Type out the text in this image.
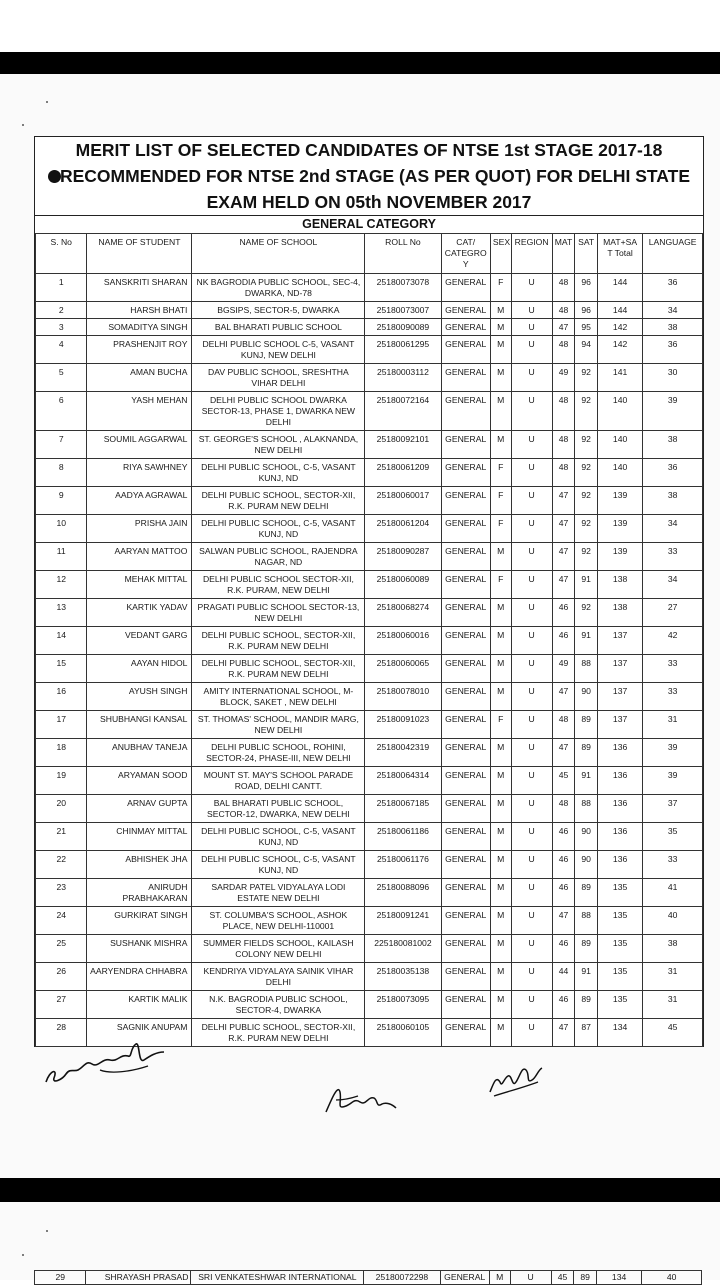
MERIT LIST OF SELECTED CANDIDATES OF NTSE 1st STAGE 2017-18
RECOMMENDED FOR NTSE 2nd STAGE (AS PER QUOT) FOR DELHI STATE
EXAM HELD ON 05th NOVEMBER 2017
GENERAL CATEGORY
S. No	NAME OF STUDENT	NAME OF SCHOOL	ROLL No	CAT/ CATEGRO Y	SEX	REGION	MAT	SAT	MAT+SA T Total	LANGUAGE
1	SANSKRITI SHARAN	NK BAGRODIA PUBLIC SCHOOL, SEC-4, DWARKA, ND-78	25180073078	GENERAL	F	U	48	96	144	36
2	HARSH BHATI	BGSIPS, SECTOR-5, DWARKA	25180073007	GENERAL	M	U	48	96	144	34
3	SOMADITYA SINGH	BAL BHARATI PUBLIC SCHOOL	25180090089	GENERAL	M	U	47	95	142	38
4	PRASHENJIT ROY	DELHI PUBLIC SCHOOL C-5, VASANT KUNJ, NEW DELHI	25180061295	GENERAL	M	U	48	94	142	36
5	AMAN BUCHA	DAV PUBLIC SCHOOL, SRESHTHA VIHAR DELHI	25180003112	GENERAL	M	U	49	92	141	30
6	YASH MEHAN	DELHI PUBLIC SCHOOL DWARKA SECTOR-13, PHASE 1, DWARKA NEW DELHI	25180072164	GENERAL	M	U	48	92	140	39
7	SOUMIL AGGARWAL	ST. GEORGE'S SCHOOL , ALAKNANDA, NEW DELHI	25180092101	GENERAL	M	U	48	92	140	38
8	RIYA SAWHNEY	DELHI PUBLIC SCHOOL, C-5, VASANT KUNJ, ND	25180061209	GENERAL	F	U	48	92	140	36
9	AADYA AGRAWAL	DELHI PUBLIC SCHOOL, SECTOR-XII, R.K. PURAM NEW DELHI	25180060017	GENERAL	F	U	47	92	139	38
10	PRISHA JAIN	DELHI PUBLIC SCHOOL, C-5, VASANT KUNJ, ND	25180061204	GENERAL	F	U	47	92	139	34
11	AARYAN MATTOO	SALWAN PUBLIC SCHOOL, RAJENDRA NAGAR, ND	25180090287	GENERAL	M	U	47	92	139	33
12	MEHAK MITTAL	DELHI PUBLIC SCHOOL SECTOR-XII, R.K. PURAM, NEW DELHI	25180060089	GENERAL	F	U	47	91	138	34
13	KARTIK YADAV	PRAGATI PUBLIC SCHOOL SECTOR-13, NEW DELHI	25180068274	GENERAL	M	U	46	92	138	27
14	VEDANT GARG	DELHI PUBLIC SCHOOL, SECTOR-XII, R.K. PURAM NEW DELHI	25180060016	GENERAL	M	U	46	91	137	42
15	AAYAN HIDOL	DELHI PUBLIC SCHOOL, SECTOR-XII, R.K. PURAM NEW DELHI	25180060065	GENERAL	M	U	49	88	137	33
16	AYUSH SINGH	AMITY INTERNATIONAL SCHOOL, M-BLOCK, SAKET , NEW DELHI	25180078010	GENERAL	M	U	47	90	137	33
17	SHUBHANGI KANSAL	ST. THOMAS' SCHOOL, MANDIR MARG, NEW DELHI	25180091023	GENERAL	F	U	48	89	137	31
18	ANUBHAV TANEJA	DELHI PUBLIC SCHOOL, ROHINI, SECTOR-24, PHASE-III, NEW DELHI	25180042319	GENERAL	M	U	47	89	136	39
19	ARYAMAN SOOD	MOUNT ST. MAY'S SCHOOL PARADE ROAD, DELHI CANTT.	25180064314	GENERAL	M	U	45	91	136	39
20	ARNAV GUPTA	BAL BHARATI PUBLIC SCHOOL, SECTOR-12, DWARKA, NEW DELHI	25180067185	GENERAL	M	U	48	88	136	37
21	CHINMAY MITTAL	DELHI PUBLIC SCHOOL, C-5, VASANT KUNJ, ND	25180061186	GENERAL	M	U	46	90	136	35
22	ABHISHEK JHA	DELHI PUBLIC SCHOOL, C-5, VASANT KUNJ, ND	25180061176	GENERAL	M	U	46	90	136	33
23	ANIRUDH PRABHAKARAN	SARDAR PATEL VIDYALAYA LODI ESTATE NEW DELHI	25180088096	GENERAL	M	U	46	89	135	41
24	GURKIRAT SINGH	ST. COLUMBA'S SCHOOL, ASHOK PLACE, NEW DELHI-110001	25180091241	GENERAL	M	U	47	88	135	40
25	SUSHANK MISHRA	SUMMER FIELDS SCHOOL, KAILASH COLONY NEW DELHI	225180081002	GENERAL	M	U	46	89	135	38
26	AARYENDRA CHHABRA	KENDRIYA VIDYALAYA SAINIK VIHAR DELHI	25180035138	GENERAL	M	U	44	91	135	31
27	KARTIK MALIK	N.K. BAGRODIA PUBLIC SCHOOL, SECTOR-4, DWARKA	25180073095	GENERAL	M	U	46	89	135	31
28	SAGNIK ANUPAM	DELHI PUBLIC SCHOOL, SECTOR-XII, R.K. PURAM NEW DELHI	25180060105	GENERAL	M	U	47	87	134	45
29	SHRAYASH PRASAD	SRI VENKATESHWAR INTERNATIONAL	25180072298	GENERAL	M	U	45	89	134	40
